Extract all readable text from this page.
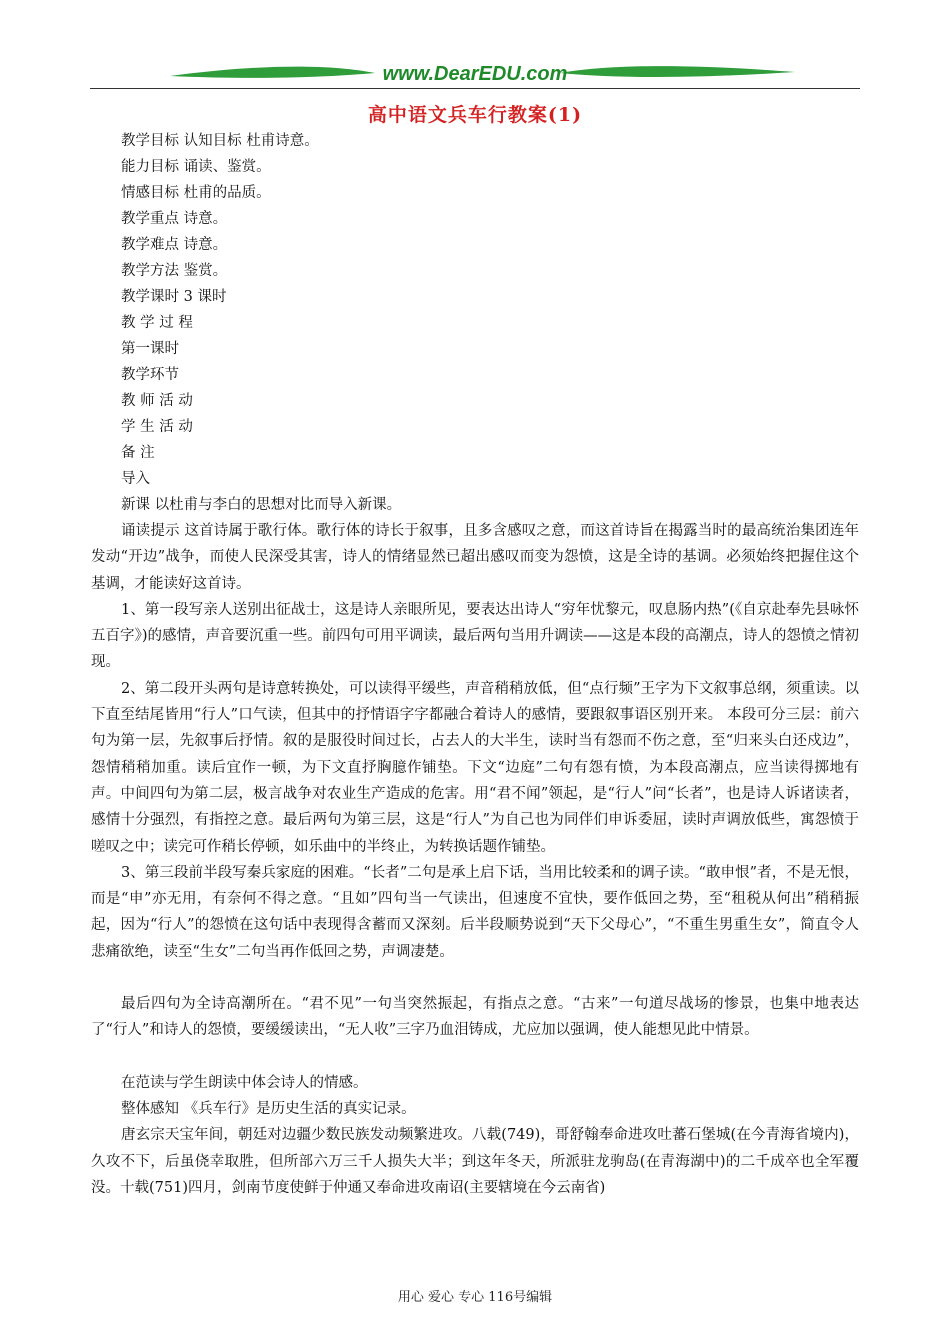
www.DearEDU.com
高中语文兵车行教案(1)
教学目标 认知目标 杜甫诗意。
能力目标 诵读、鉴赏。
情感目标 杜甫的品质。
教学重点 诗意。
教学难点 诗意。
教学方法 鉴赏。
教学课时 3 课时
教 学 过 程
第一课时
教学环节
教 师 活 动
学 生 活 动
备 注
导入
新课 以杜甫与李白的思想对比而导入新课。

诵读提示 这首诗属于歌行体。歌行体的诗长于叙事，且多含感叹之意，而这首诗旨在揭露当时的最高统治集团连年发动“开边”战争，而使人民深受其害，诗人的情绪显然已超出感叹而变为怨愤，这是全诗的基调。必须始终把握住这个基调，才能读好这首诗。

1、第一段写亲人送别出征战士，这是诗人亲眼所见，要表达出诗人“穷年忧黎元，叹息肠内热”(《自京赴奉先县咏怀五百字》)的感情，声音要沉重一些。前四句可用平调读，最后两句当用升调读——这是本段的高潮点，诗人的怨愤之情初现。

2、第二段开头两句是诗意转换处，可以读得平缓些，声音稍稍放低，但“点行频”王字为下文叙事总纲，须重读。以下直至结尾皆用“行人”口气读，但其中的抒情语字字都融合着诗人的感情，要跟叙事语区别开来。 本段可分三层：前六句为第一层，先叙事后抒情。叙的是服役时间过长，占去人的大半生，读时当有怨而不伤之意，至“归来头白还戍边”，怨情稍稍加重。读后宜作一顿，为下文直抒胸臆作铺垫。下文“边庭”二句有怨有愤，为本段高潮点，应当读得掷地有声。中间四句为第二层，极言战争对农业生产造成的危害。用“君不闻”领起，是“行人”问“长者”，也是诗人诉诸读者，感情十分强烈，有指控之意。最后两句为第三层，这是“行人”为自己也为同伴们申诉委屈，读时声调放低些，寓怨愤于嗟叹之中；读完可作稍长停顿，如乐曲中的半终止，为转换话题作铺垫。

3、第三段前半段写秦兵家庭的困难。“长者”二句是承上启下话，当用比较柔和的调子读。“敢申恨”者，不是无恨，而是“申”亦无用，有奈何不得之意。“且如”四句当一气读出，但速度不宜快，要作低回之势，至“租税从何出”稍稍振起，因为“行人”的怨愤在这句话中表现得含蓄而又深刻。后半段顺势说到“天下父母心”，“不重生男重生女”，简直令人悲痛欲绝，读至“生女”二句当再作低回之势，声调凄楚。

最后四句为全诗高潮所在。“君不见”一句当突然振起，有指点之意。“古来”一句道尽战场的惨景，也集中地表达了“行人”和诗人的怨愤，要缓缓读出，“无人收”三字乃血泪铸成，尤应加以强调，使人能想见此中情景。

在范读与学生朗读中体会诗人的情感。

整体感知 《兵车行》是历史生活的真实记录。

唐玄宗天宝年间，朝廷对边疆少数民族发动频繁进攻。八载(749)，哥舒翰奉命进攻吐蕃石堡城(在今青海省境内)，久攻不下，后虽侥幸取胜，但所部六万三千人损失大半；到这年冬天，所派驻龙驹岛(在青海湖中)的二千成卒也全军覆没。十载(751)四月，剑南节度使鲜于仲通又奉命进攻南诏(主要辖境在今云南省)

用心 爱心 专心 116号编辑
